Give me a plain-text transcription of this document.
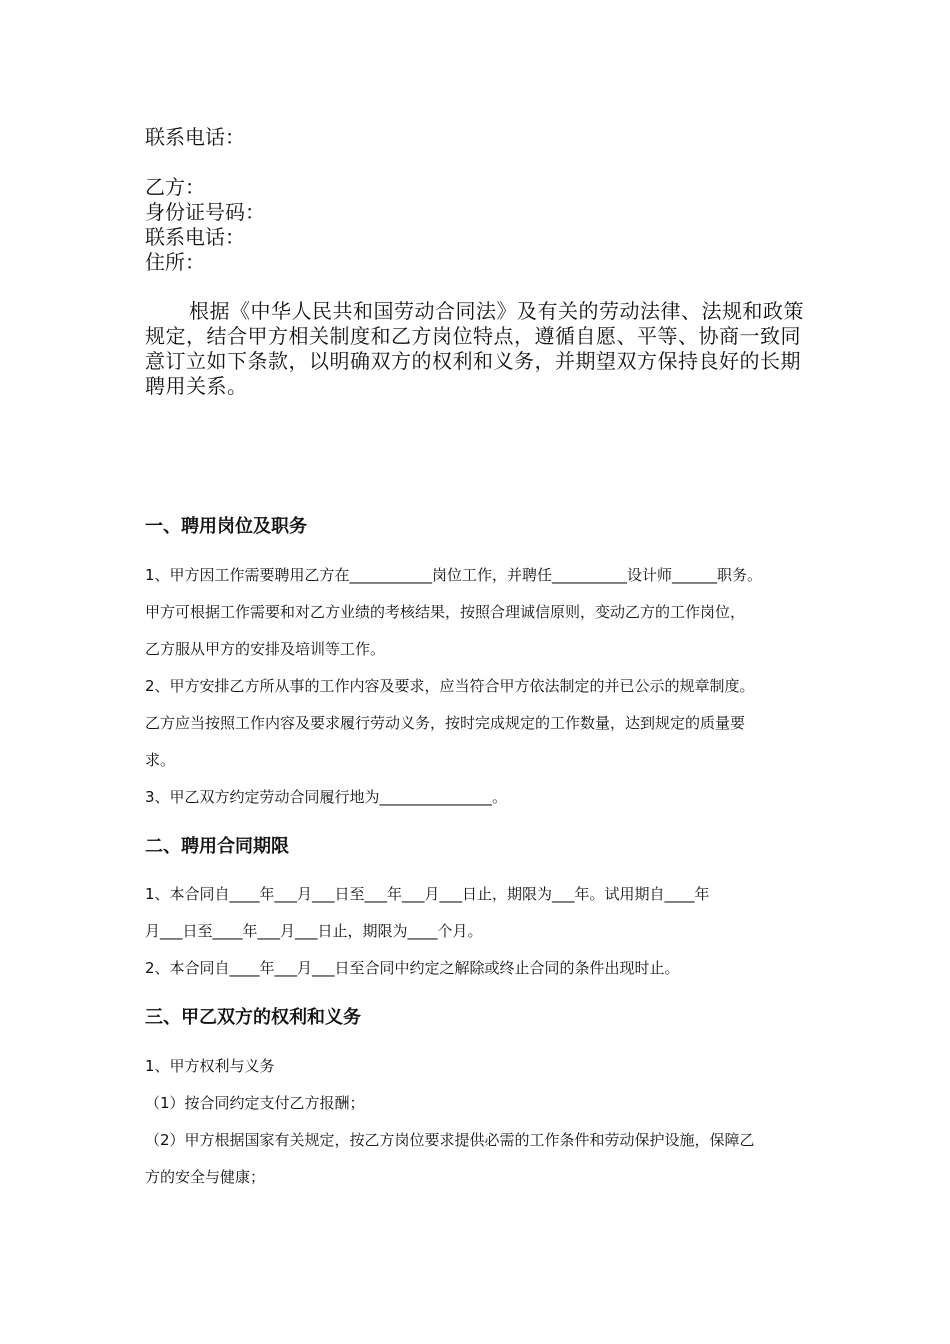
联系电话：
乙方：
身份证号码：
联系电话：
住所：
根据《中华人民共和国劳动合同法》及有关的劳动法律、法规和政策规定，结合甲方相关制度和乙方岗位特点，遵循自愿、平等、协商一致同意订立如下条款，以明确双方的权利和义务，并期望双方保持良好的长期聘用关系。
一、聘用岗位及职务
1、甲方因工作需要聘用乙方在___________岗位工作，并聘任__________设计师______职务。
甲方可根据工作需要和对乙方业绩的考核结果，按照合理诚信原则，变动乙方的工作岗位，
乙方服从甲方的安排及培训等工作。
2、甲方安排乙方所从事的工作内容及要求，应当符合甲方依法制定的并已公示的规章制度。
乙方应当按照工作内容及要求履行劳动义务，按时完成规定的工作数量，达到规定的质量要
求。
3、甲乙双方约定劳动合同履行地为_______________。
二、聘用合同期限
1、本合同自____年___月___日至___年___月___日止，期限为___年。试用期自____年
月___日至____年___月___日止，期限为____个月。
2、本合同自____年___月___日至合同中约定之解除或终止合同的条件出现时止。
三、甲乙双方的权利和义务
1、甲方权利与义务
（1）按合同约定支付乙方报酬；
（2）甲方根据国家有关规定，按乙方岗位要求提供必需的工作条件和劳动保护设施，保障乙
方的安全与健康；
